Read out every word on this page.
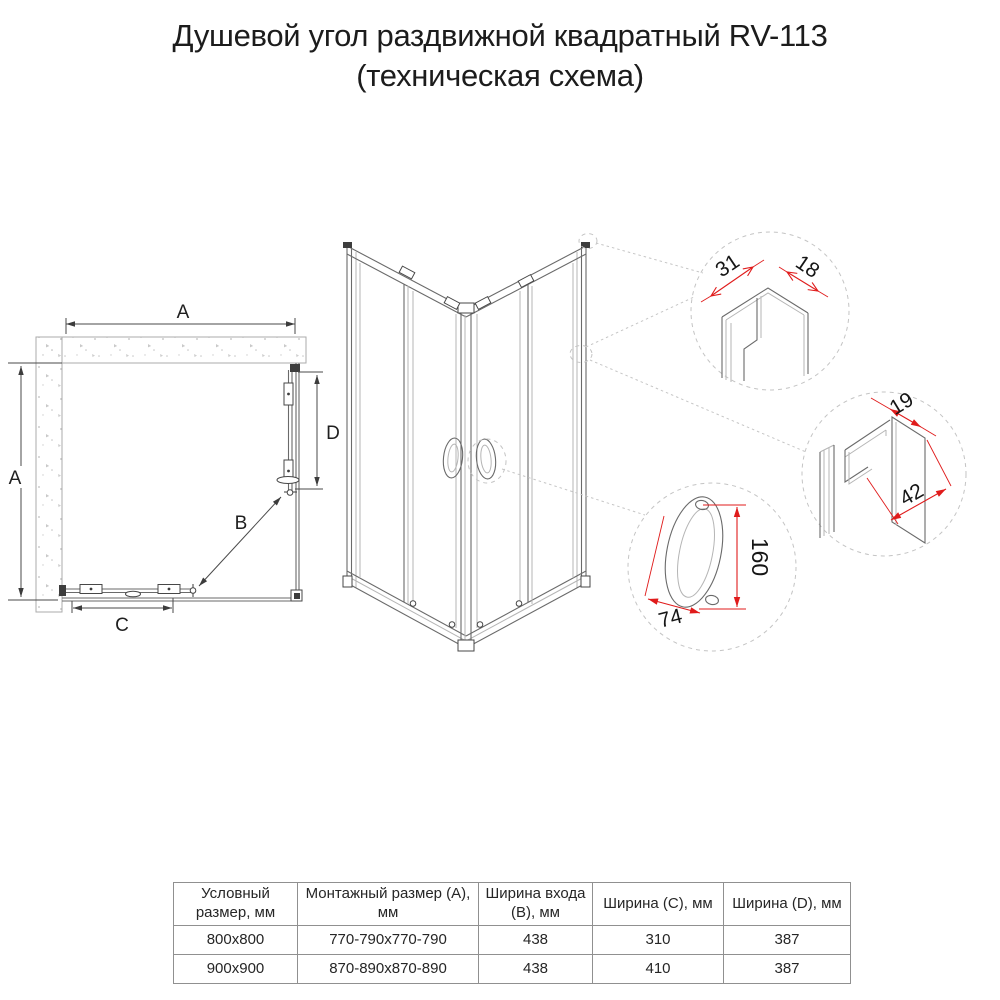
Душевой угол раздвижной квадратный RV-113
(техническая схема)
A
A
D
C
B
31 18
19
42
160
74
Условный размер, мм	Монтажный размер (А), мм	Ширина входа (В), мм	Ширина (С), мм	Ширина (D), мм
800x800	770-790x770-790	438	310	387
900x900	870-890x870-890	438	410	387
